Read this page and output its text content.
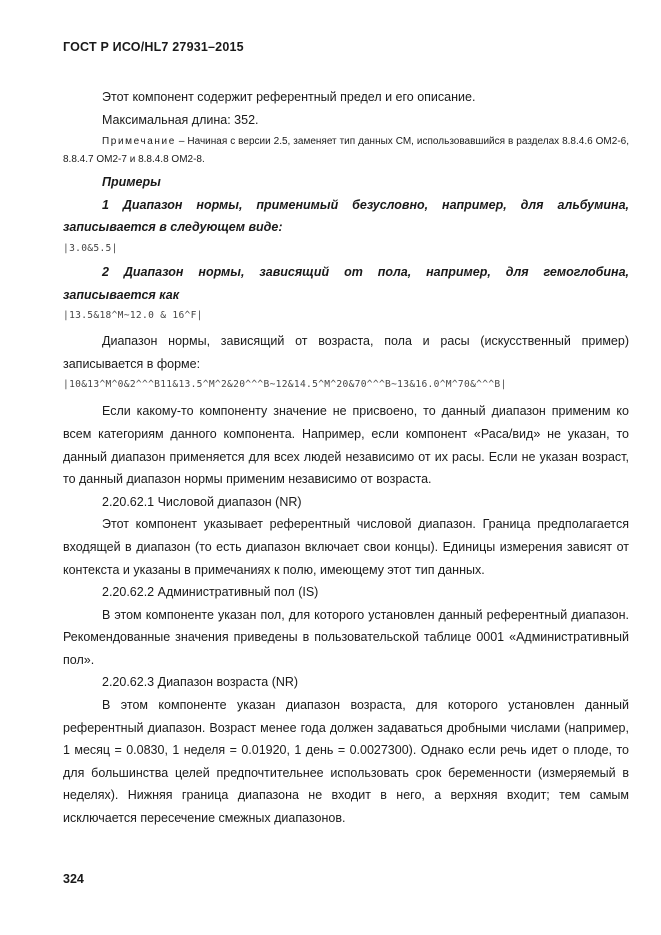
ГОСТ Р ИСО/HL7 27931–2015

Этот компонент содержит референтный предел и его описание.

Максимальная длина: 352.

Примечание – Начиная с версии 2.5, заменяет тип данных СМ, использовавшийся в разделах 8.8.4.6 ОМ2-6, 8.8.4.7 ОМ2-7 и 8.8.4.8 ОМ2-8.

Примеры

1 Диапазон нормы, применимый безусловно, например, для альбумина, записывается в следующем виде:

|3.0&5.5|

2 Диапазон нормы, зависящий от пола, например, для гемоглобина, записывается как

|13.5&18^M~12.0 & 16^F|

Диапазон нормы, зависящий от возраста, пола и расы (искусственный пример) записывается в форме:

|10&13^M^0&2^^^B11&13.5^M^2&20^^^B~12&14.5^M^20&70^^^B~13&16.0^M^70&^^^B|

Если какому-то компоненту значение не присвоено, то данный диапазон применим ко всем категориям данного компонента. Например, если компонент «Раса/вид» не указан, то данный диапазон применяется для всех людей независимо от их расы. Если не указан возраст, то данный диапазон нормы применим независимо от возраста.

2.20.62.1 Числовой диапазон (NR)

Этот компонент указывает референтный числовой диапазон. Граница предполагается входящей в диапазон (то есть диапазон включает свои концы). Единицы измерения зависят от контекста и указаны в примечаниях к полю, имеющему этот тип данных.

2.20.62.2 Административный пол (IS)

В этом компоненте указан пол, для которого установлен данный референтный диапазон. Рекомендованные значения приведены в пользовательской таблице 0001 «Административный пол».

2.20.62.3 Диапазон возраста (NR)

В этом компоненте указан диапазон возраста, для которого установлен данный референтный диапазон. Возраст менее года должен задаваться дробными числами (например, 1 месяц = 0.0830, 1 неделя = 0.01920, 1 день = 0.0027300). Однако если речь идет о плоде, то для большинства целей предпочтительнее использовать срок беременности (измеряемый в неделях). Нижняя граница диапазона не входит в него, а верхняя входит; тем самым исключается пересечение смежных диапазонов.

324
